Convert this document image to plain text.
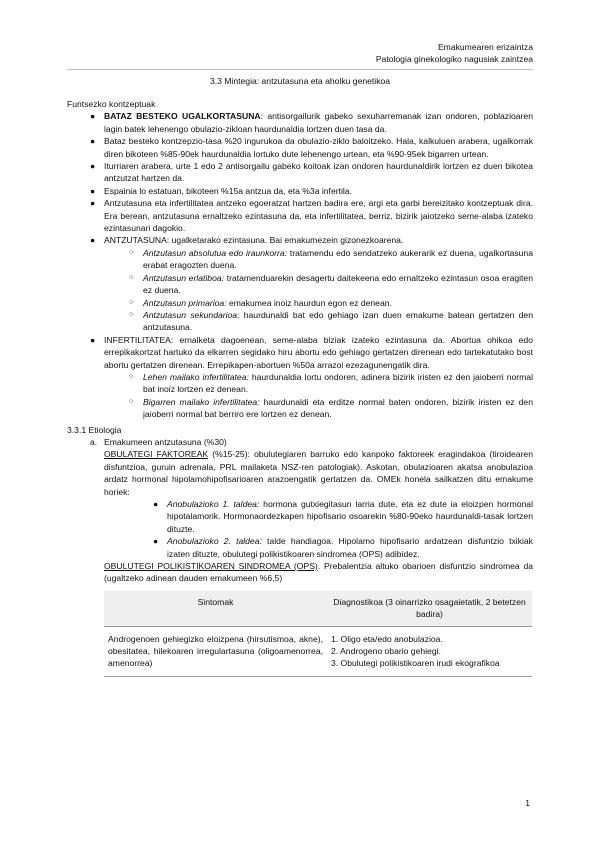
Emakumearen erizaintza
Patologia ginekologiko nagusiak zaintzea
3.3 Mintegia: antzutasuna eta aholku genetikoa

Funtsezko kontzeptuak

● BATAZ BESTEKO UGALKORTASUNA: antisorgailurik gabeko sexuharremanak izan ondoren, poblazioaren lagin batek lehenengo obulazio-zikloan haurdunaldia lortzen duen tasa da.
● Bataz besteko kontzepzio-tasa %20 ingurukoa da obulazio-ziklo baloitzeko. Hala, kalkuluen arabera, ugalkorrak diren bikoteen %85-90ek haurdunaldia lortuko dute lehenengo urtean, eta %90-95ek bigarren urtean.
● Iturriaren arabera, urte 1 edo 2 antisorgailu gabeko koitoak izan ondoren haurdunaldirik lortzen ez duen bikotea antzutzat hartzen da.
● Espainia lo estatuan, bikoteen %15a antzua da, eta %3a infertila.
● Antzutasuna eta infertilitatea antzeko egoeratzat hartzen badira ere, argi eta garbi bereizitako kontzeptuak dira. Era berean, antzutasuna ernaltzeko ezintasuna da, eta infertilitatea, berriz, bizirik jaiotzeko seme-alaba izateko ezintasunari dagokio.
● ANTZUTASUNA: ugalketarako ezintasuna. Bai emakumezein gizonezkoarena.
○ Antzutasun absolutua edo iraunkorra: tratamendu edo sendatzeko aukerarik ez duena, ugalkortasuna erabat eragozten duena.
○ Antzutasun erlatiboa: tratamenduarekin desagertu daitekeena edo ernaltzeko ezintasun osoa eragiten ez duena.
○ Antzutasun primarioa: emakumea inoiz haurdun egon ez denean.
○ Antzutasun sekundarioa: haurdunaldi bat edo gehiago izan duen emakume batean gertatzen den antzutasuna.
● INFERTILITATEA: ernalketa dagoenean, seme-alaba biziak izateko ezintasuna da. Abortua ohikoa edo errepikakortzat hartuko da elkarren segidako hiru abortu edo gehiago gertatzen direnean edo tartekatutako bost abortu gertatzen direnean. Errepikapen-abortuen %50a arrazoi ezezagunengatik dira.
○ Lehen mailako infertilitatea: haurdunaldia lortu ondoren, adinera bizirik iristen ez den jaioberri normal bat inoiz lortzen ez denean.
○ Bigarren mailako infertilitatea: haurdunaldi eta erditze normal baten ondoren, bizirik iristen ez den jaioberri normal bat berriro ere lortzen ez denean.

3.3.1 Etiologia

a. Emakumeen antzutasuna (%30)

OBULATEGI FAKTOREAK (%15-25): obulutegiaren barruko edo kanpoko faktoreek eragindakoa (tiroidearen disfuntzioa, guruin adrenala, PRL mailaketa NSZ-ren patologiak). Askotan, obulazioaren akatsa anobulazioa ardatz hormonal hipolamohipofisarioaren arazoengatik gertatzen da. OMEk honela sailkatzen ditu emakume horiek:

● Anobulazioko 1. taldea: hormona gutxiegitasun larria dute, eta ez dute ia eloizpen hormonal hipotalamorik. Hormonaordezkapen hipofisario osoarekin %80-90eko haurdunaldi-tasak lortzen dituzte.
● Anobulazioko 2. taldea: talde handiagoa. Hipolamo hipofisario ardatzean disfuntzio txikiak izaten dituzte, obulutegi polikistikoaren sindromea (OPS) adibidez.

OBULUTEGI POLIKISTIKOAREN SINDROMEA (OPS). Prebalentzia altuko obarioen disfuntzio sindromea da (ugaltzeko adinean dauden emakumeen %6,5)

Sintomak	Diagnostikoa (3 oinarrizko osagaietatik, 2 betetzen badira)
Androgenoen gehiegizko eloizpena (hirsutismoa, akne), obesitatea, hilekoaren irregulartasuna (oligoamenorrea, amenorrea)	1. Oligo eta/edo anobulazioa.
2. Androgeno obario gehiegi.
3. Obulutegi polikistikoaren irudi ekografikoa
1
